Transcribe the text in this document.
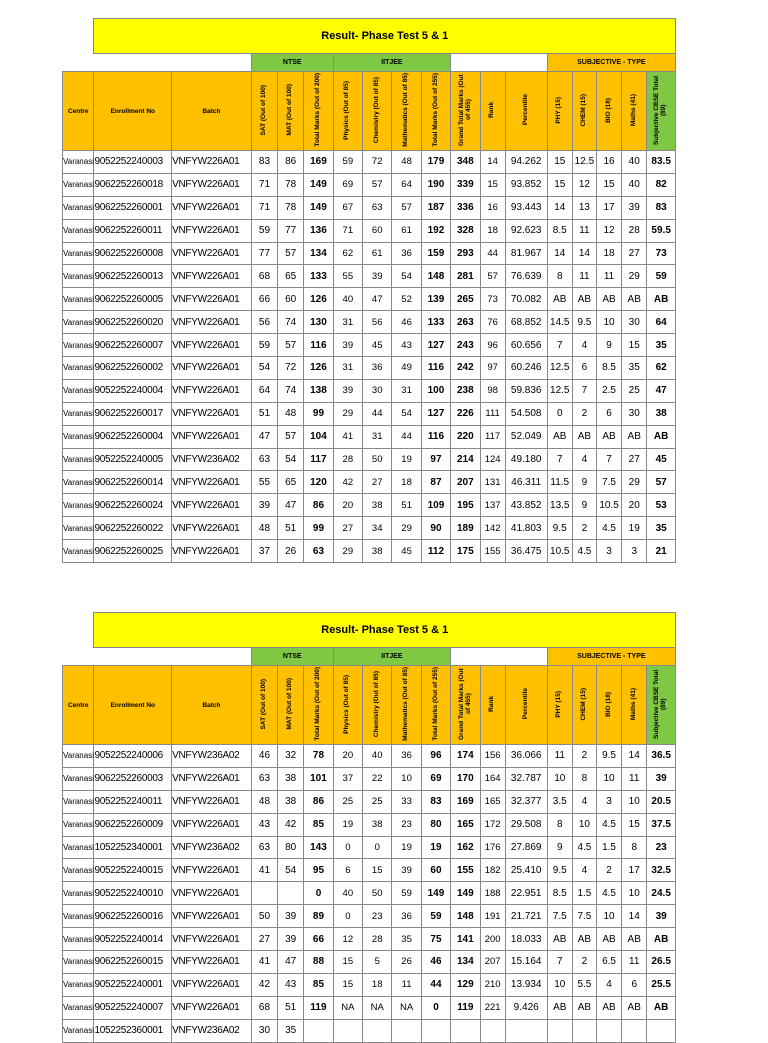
	Result- Phase Test 5 & 1																
			NTSE			IITJEE							SUBJECTIVE - TYPE				
Centre	Enrollment No	Batch	SAT (Out of 100)	MAT (Out of 100)	Total Marks (Out of 200)	Physics (Out of 85)	Chemistry (Out of 85)	Mathematics (Out of 85)	Total Marks (Out of 255)	Grand Total Marks (Out of 455)	Rank	Percentile	PHY (15)	CHEM (15)	BIO (18)	Maths (41)	Subjective CBSE Total (89)
Varanasi	9052252240003	VNFYW226A01	83	86	169	59	72	48	179	348	14	94.262	15	12.5	16	40	83.5
Varanasi	9062252260018	VNFYW226A01	71	78	149	69	57	64	190	339	15	93.852	15	12	15	40	82
Varanasi	9062252260001	VNFYW226A01	71	78	149	67	63	57	187	336	16	93.443	14	13	17	39	83
Varanasi	9062252260011	VNFYW226A01	59	77	136	71	60	61	192	328	18	92.623	8.5	11	12	28	59.5
Varanasi	9062252260008	VNFYW226A01	77	57	134	62	61	36	159	293	44	81.967	14	14	18	27	73
Varanasi	9062252260013	VNFYW226A01	68	65	133	55	39	54	148	281	57	76.639	8	11	11	29	59
Varanasi	9062252260005	VNFYW226A01	66	60	126	40	47	52	139	265	73	70.082	AB	AB	AB	AB	AB
Varanasi	9062252260020	VNFYW226A01	56	74	130	31	56	46	133	263	76	68.852	14.5	9.5	10	30	64
Varanasi	9062252260007	VNFYW226A01	59	57	116	39	45	43	127	243	96	60.656	7	4	9	15	35
Varanasi	9062252260002	VNFYW226A01	54	72	126	31	36	49	116	242	97	60.246	12.5	6	8.5	35	62
Varanasi	9052252240004	VNFYW226A01	64	74	138	39	30	31	100	238	98	59.836	12.5	7	2.5	25	47
Varanasi	9062252260017	VNFYW226A01	51	48	99	29	44	54	127	226	111	54.508	0	2	6	30	38
Varanasi	9062252260004	VNFYW226A01	47	57	104	41	31	44	116	220	117	52.049	AB	AB	AB	AB	AB
Varanasi	9052252240005	VNFYW236A02	63	54	117	28	50	19	97	214	124	49.180	7	4	7	27	45
Varanasi	9062252260014	VNFYW226A01	55	65	120	42	27	18	87	207	131	46.311	11.5	9	7.5	29	57
Varanasi	9062252260024	VNFYW226A01	39	47	86	20	38	51	109	195	137	43.852	13.5	9	10.5	20	53
Varanasi	9062252260022	VNFYW226A01	48	51	99	27	34	29	90	189	142	41.803	9.5	2	4.5	19	35
Varanasi	9062252260025	VNFYW226A01	37	26	63	29	38	45	112	175	155	36.475	10.5	4.5	3	3	21
	Result- Phase Test 5 & 1																
			NTSE			IITJEE							SUBJECTIVE - TYPE				
Centre	Enrollment No	Batch	SAT (Out of 100)	MAT (Out of 100)	Total Marks (Out of 200)	Physics (Out of 85)	Chemistry (Out of 85)	Mathematics (Out of 85)	Total Marks (Out of 255)	Grand Total Marks (Out of 455)	Rank	Percentile	PHY (15)	CHEM (15)	BIO (18)	Maths (41)	Subjective CBSE Total (89)
Varanasi	9052252240006	VNFYW236A02	46	32	78	20	40	36	96	174	156	36.066	11	2	9.5	14	36.5
Varanasi	9062252260003	VNFYW226A01	63	38	101	37	22	10	69	170	164	32.787	10	8	10	11	39
Varanasi	9052252240011	VNFYW226A01	48	38	86	25	25	33	83	169	165	32.377	3.5	4	3	10	20.5
Varanasi	9062252260009	VNFYW226A01	43	42	85	19	38	23	80	165	172	29.508	8	10	4.5	15	37.5
Varanasi	1052252340001	VNFYW236A02	63	80	143	0	0	19	19	162	176	27.869	9	4.5	1.5	8	23
Varanasi	9052252240015	VNFYW226A01	41	54	95	6	15	39	60	155	182	25.410	9.5	4	2	17	32.5
Varanasi	9052252240010	VNFYW226A01			0	40	50	59	149	149	188	22.951	8.5	1.5	4.5	10	24.5
Varanasi	9062252260016	VNFYW226A01	50	39	89	0	23	36	59	148	191	21.721	7.5	7.5	10	14	39
Varanasi	9052252240014	VNFYW226A01	27	39	66	12	28	35	75	141	200	18.033	AB	AB	AB	AB	AB
Varanasi	9062252260015	VNFYW226A01	41	47	88	15	5	26	46	134	207	15.164	7	2	6.5	11	26.5
Varanasi	9052252240001	VNFYW226A01	42	43	85	15	18	11	44	129	210	13.934	10	5.5	4	6	25.5
Varanasi	9052252240007	VNFYW226A01	68	51	119	NA	NA	NA	0	119	221	9.426	AB	AB	AB	AB	AB
Varanasi	1052252360001	VNFYW236A02	30	35													
